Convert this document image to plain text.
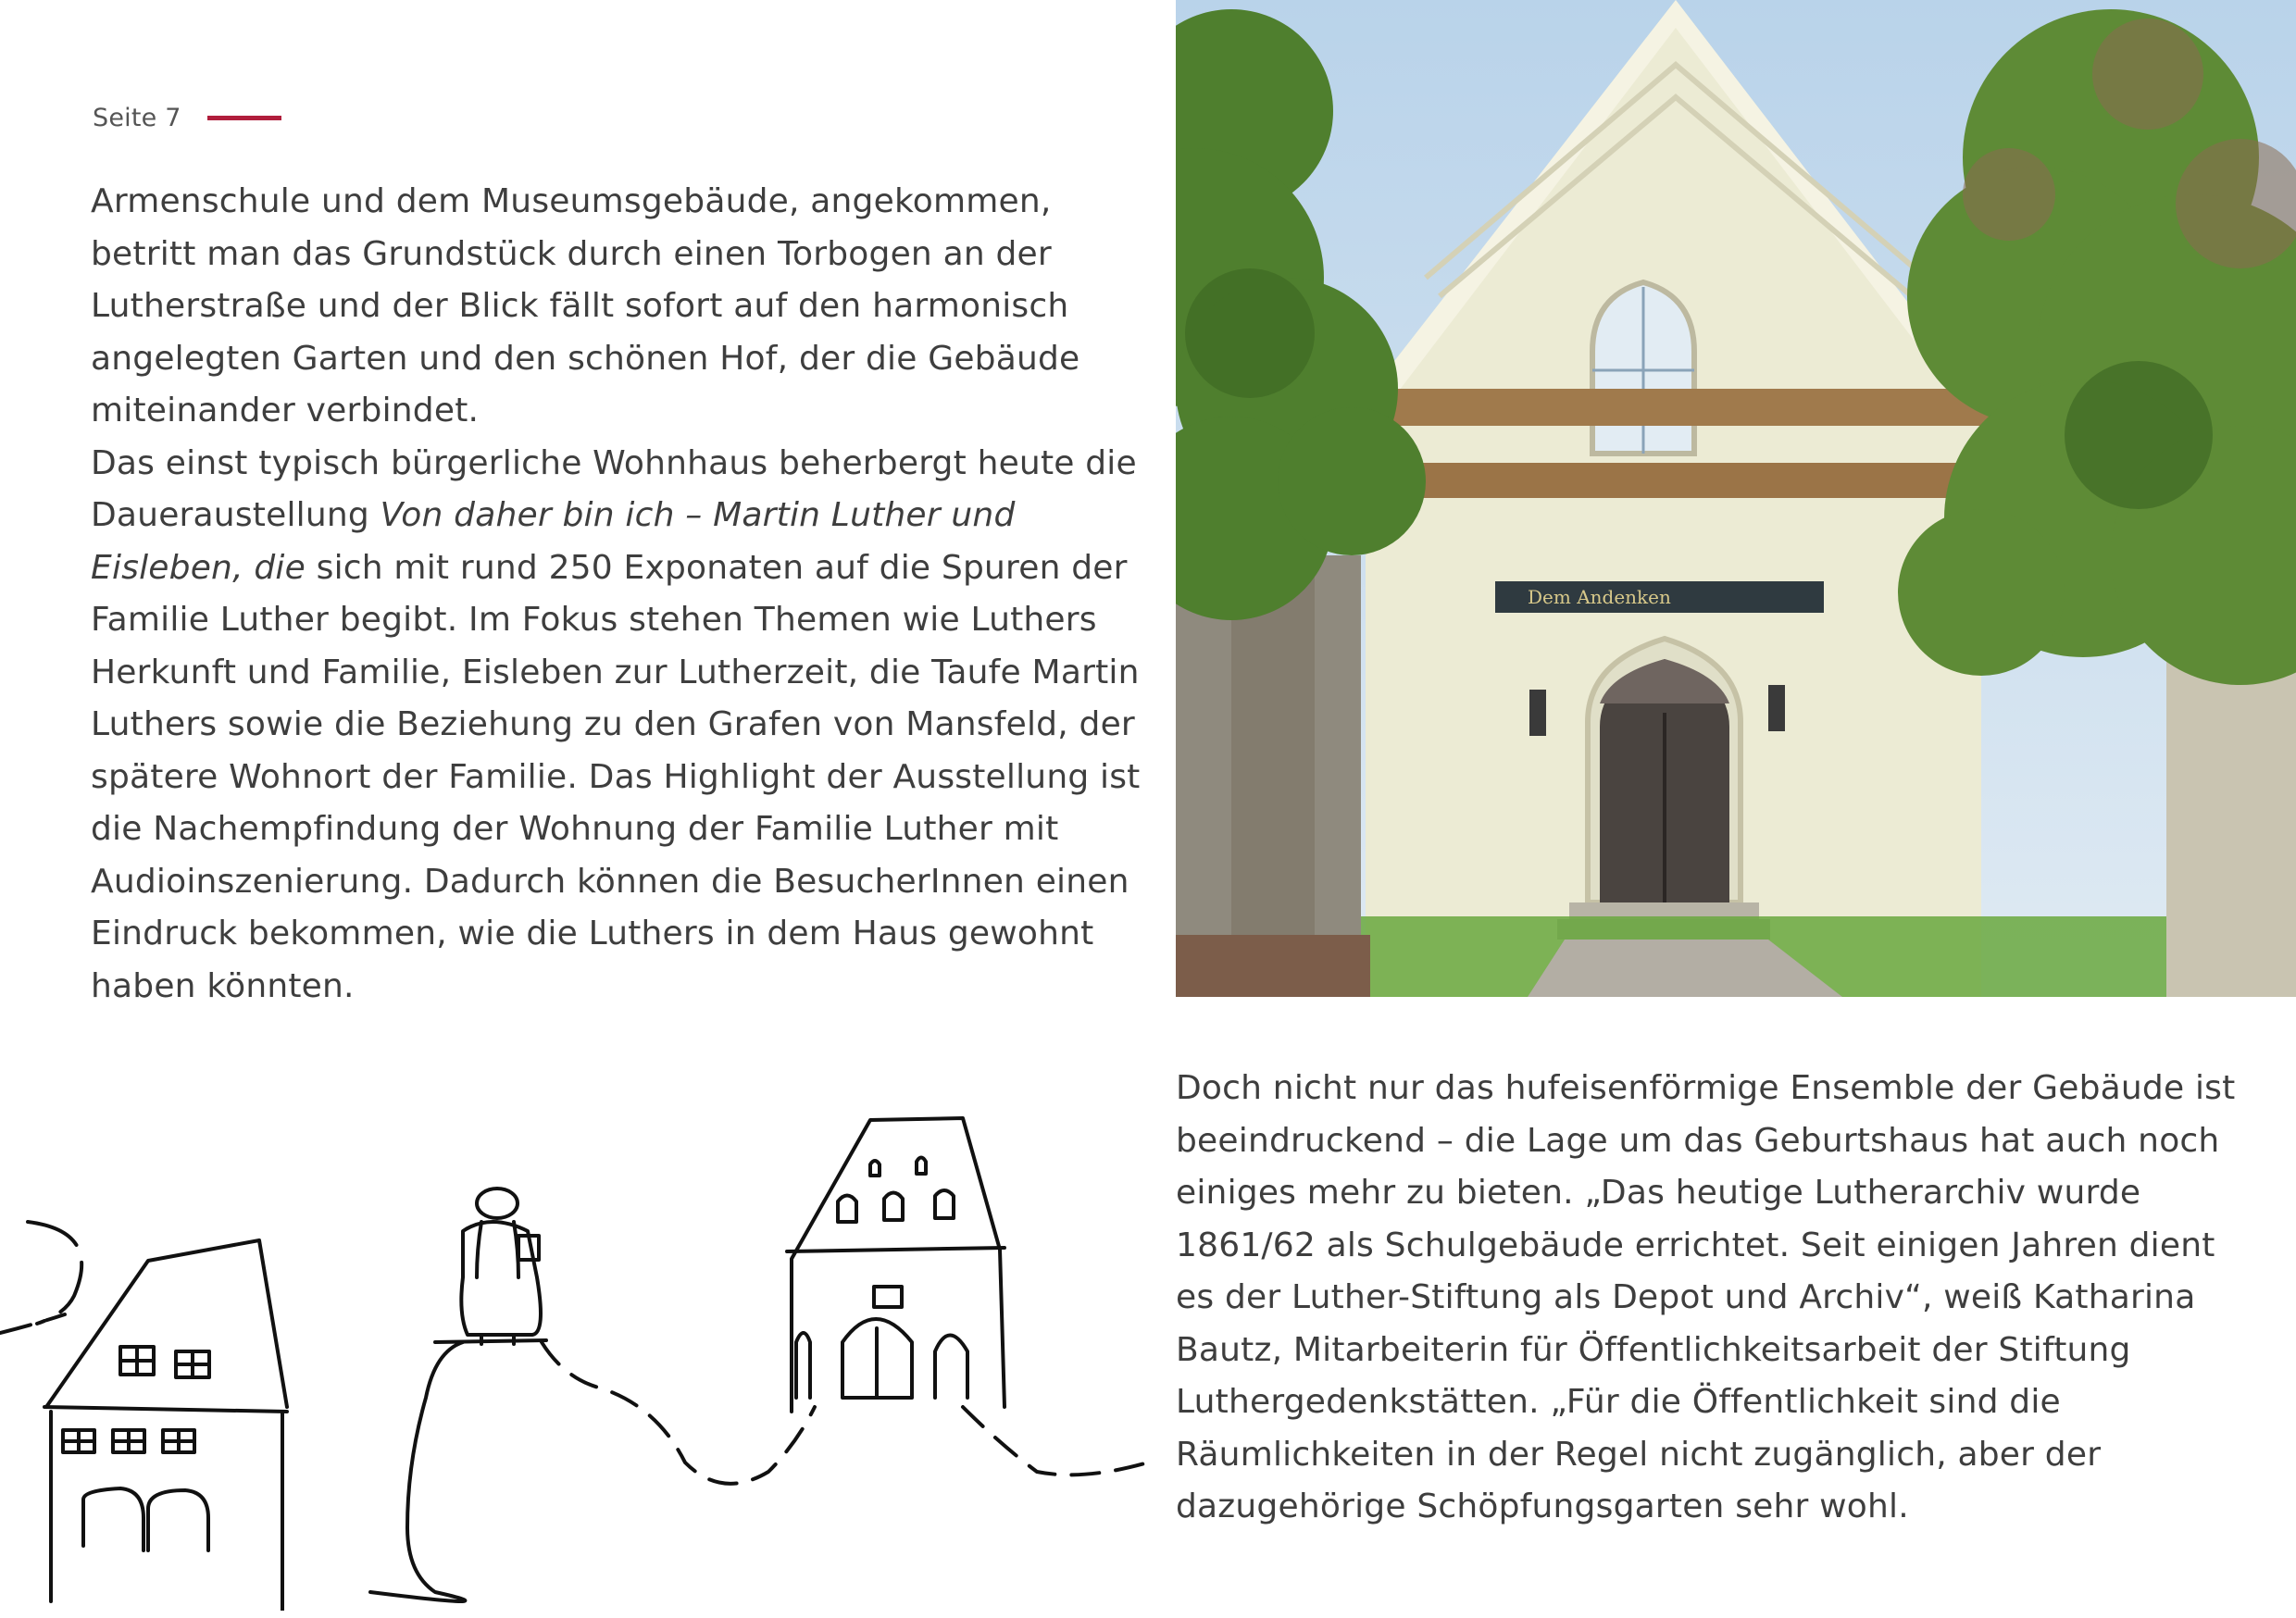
Seite 7

Armenschule und dem Museumsgebäude, angekommen, betritt man das Grundstück durch einen Torbogen an der Lutherstraße und der Blick fällt sofort auf den harmonisch angelegten Garten und den schönen Hof, der die Gebäude miteinander verbindet.

Das einst typisch bürgerliche Wohnhaus beherbergt heute die Daueraustellung Von daher bin ich – Martin Luther und Eisleben, die sich mit rund 250 Exponaten auf die Spuren der Familie Luther begibt. Im Fokus stehen Themen wie Luthers Herkunft und Familie, Eisleben zur Lutherzeit, die Taufe Martin Luthers sowie die Beziehung zu den Grafen von Mansfeld, der spätere Wohnort der Familie. Das Highlight der Ausstellung ist die Nachempfindung der Wohnung der Familie Luther mit Audioinszenierung. Dadurch können die BesucherInnen einen Eindruck bekommen, wie die Luthers in dem Haus gewohnt haben könnten.

Dem Andenken

Doch nicht nur das hufeisenförmige Ensemble der Gebäude ist beeindruckend – die Lage um das Geburtshaus hat auch noch einiges mehr zu bieten. „Das heutige Lutherarchiv wurde 1861/62 als Schulgebäude errichtet. Seit einigen Jahren dient es der Luther-Stiftung als Depot und Archiv“, weiß Katharina Bautz, Mitarbeiterin für Öffentlichkeitsarbeit der Stiftung Luthergedenkstätten. „Für die Öffentlichkeit sind die Räumlichkeiten in der Regel nicht zugänglich, aber der dazugehörige Schöpfungsgarten sehr wohl.
